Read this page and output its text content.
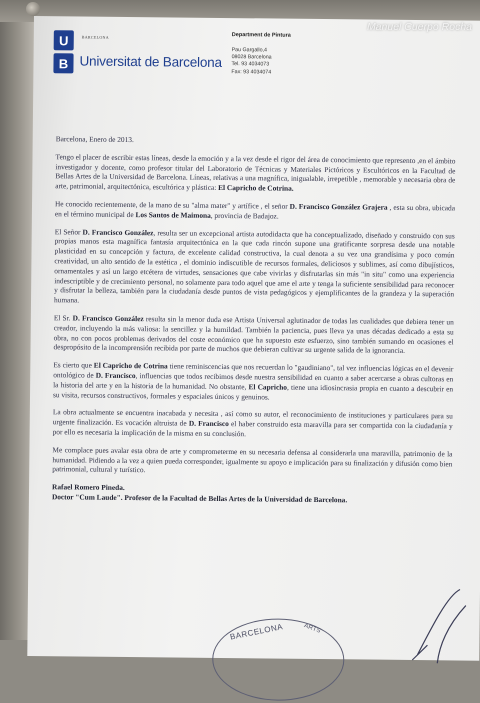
U
B
BARCELONA
Universitat de Barcelona
Department de Pintura
Pau Gargallo,4
08028 Barcelona
Tel. 93 4034073
Fax: 93 4034074

Barcelona, Enero de 2013.

Tengo el placer de escribir estas líneas, desde la emoción y a la vez desde el rigor del área de conocimiento que represento ,en el ámbito investigador y docente, como profesor titular del Laboratorio de Técnicas y Materiales Pictóricos y Escultóricos en la Facultad de Bellas Artes de la Universidad de Barcelona. Líneas, relativas a una magnífica, inigualable, irrepetible , memorable y necesaria obra de arte, patrimonial, arquitectónica, escultórica y plástica: El Capricho de Cotrina.

He conocido recientemente, de la mano de su "alma mater" y artífice , el señor D. Francisco González Grajera , esta su obra, ubicada en el término municipal de Los Santos de Maimona, provincia de Badajoz.

El Señor D. Francisco González, resulta ser un excepcional artista autodidacta que ha conceptualizado, diseñado y construido con sus propias manos esta magnífica fantasía arquitectónica en la que cada rincón supone una gratificante sorpresa desde una notable plasticidad en su concepción y factura, de excelente calidad constructiva, la cual denota a su vez una grandísima y poco común creatividad, un alto sentido de la estética , el dominio indiscutible de recursos formales, deliciosos y sublimes, así como dibujísticos, ornamentales y así un largo etcétera de virtudes, sensaciones que cabe vivirlas y disfrutarlas sin más "in situ" como una experiencia indescriptible y de crecimiento personal, no solamente para todo aquel que ame el arte y tenga la suficiente sensibilidad para reconocer y disfrutar la belleza, también para la ciudadanía desde puntos de vista pedagógicos y ejemplificantes de la grandeza y la superación humana.

El Sr. D. Francisco González resulta sin la menor duda ese Artista Universal aglutinador de todas las cualidades que debiera tener un creador, incluyendo la más valiosa: la sencillez y la humildad. También la paciencia, pues lleva ya unas décadas dedicado a esta su obra, no con pocos problemas derivados del coste económico que ha supuesto este esfuerzo, sino también sumando en ocasiones el despropósito de la incomprensión recibida por parte de muchos que debieran cultivar su urgente salida de la ignorancia.

Es cierto que El Capricho de Cotrina tiene reminiscencias que nos recuerdan lo "gaudiniano", tal vez influencias lógicas en el devenir ontológico de D. Francisco, influencias que todos recibimos desde nuestra sensibilidad en cuanto a saber acercarse a obras cultoras en la historia del arte y en la historia de la humanidad. No obstante, El Capricho, tiene una idiosincrasia propia en cuanto a descubrir en su visita, recursos constructivos, formales y espaciales únicos y genuinos.

La obra actualmente se encuentra inacabada y necesita , así como su autor, el reconocimiento de instituciones y particulares para su urgente finalización. Es vocación altruista de D. Francisco el haber construido esta maravilla para ser compartida con la ciudadanía y por ello es necesaria la implicación de la misma en su conclusión.

Me complace pues avalar esta obra de arte y comprometerme en su necesaria defensa al considerarla una maravilla, patrimonio de la humanidad. Pidiendo a la vez a quien pueda corresponder, igualmente su apoyo e implicación para su finalización y difusión como bien patrimonial, cultural y turístico.

Rafael Romero Pineda.
Doctor "Cum Laude". Profesor de la Facultad de Bellas Artes de la Universidad de Barcelona.
BARCELONA	ARTS
Manuel Cuerpo Rocha
